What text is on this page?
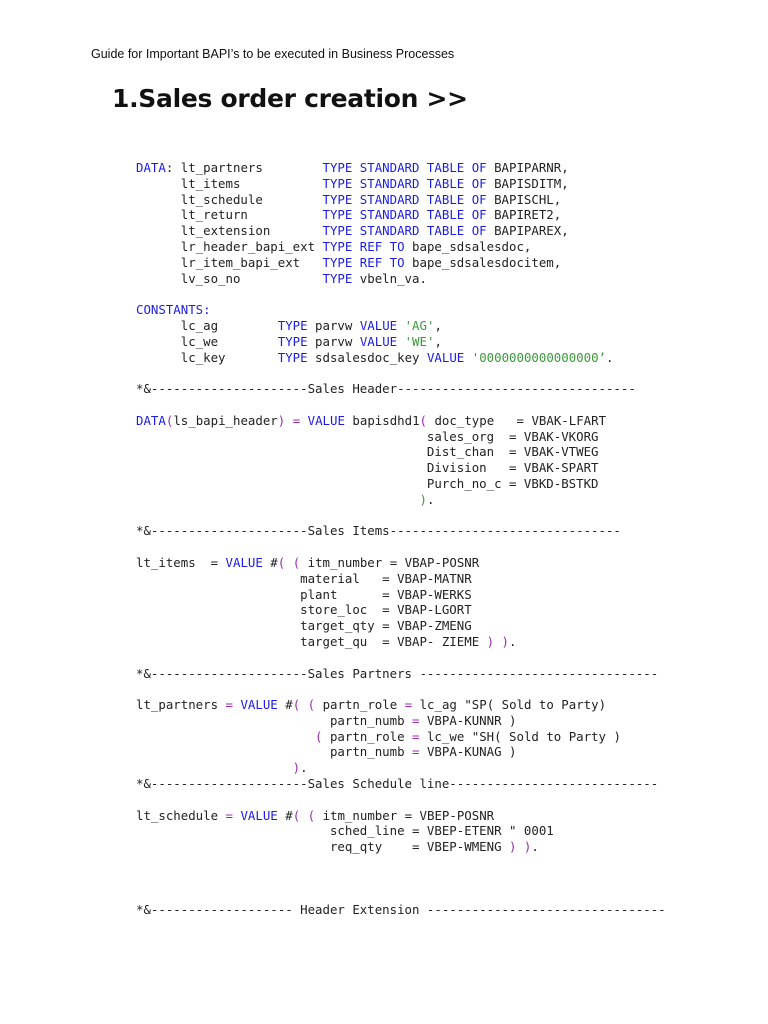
Guide for Important BAPI’s to be executed in Business Processes
1.Sales order creation >>
DATA: lt_partners        TYPE STANDARD TABLE OF BAPIPARNR,
lt_items           TYPE STANDARD TABLE OF BAPISDITM,
lt_schedule        TYPE STANDARD TABLE OF BAPISCHL,
lt_return          TYPE STANDARD TABLE OF BAPIRET2,
lt_extension       TYPE STANDARD TABLE OF BAPIPAREX,
lr_header_bapi_ext TYPE REF TO bape_sdsalesdoc,
lr_item_bapi_ext   TYPE REF TO bape_sdsalesdocitem,
lv_so_no           TYPE vbeln_va.
CONSTANTS:
lc_ag        TYPE parvw VALUE 'AG',
lc_we        TYPE parvw VALUE 'WE',
lc_key       TYPE sdsalesdoc_key VALUE '0000000000000000’.
*&---------------------Sales Header--------------------------------
DATA(ls_bapi_header) = VALUE bapisdhd1( doc_type   = VBAK-LFART
sales_org  = VBAK-VKORG
Dist_chan  = VBAK-VTWEG
Division   = VBAK-SPART
Purch_no_c = VBKD-BSTKD
).
*&---------------------Sales Items-------------------------------
lt_items  = VALUE #( ( itm_number = VBAP-POSNR
material   = VBAP-MATNR
plant      = VBAP-WERKS
store_loc  = VBAP-LGORT
target_qty = VBAP-ZMENG
target_qu  = VBAP- ZIEME ) ).
*&---------------------Sales Partners --------------------------------
lt_partners = VALUE #( ( partn_role = lc_ag "SP( Sold to Party)
partn_numb = VBPA-KUNNR )
( partn_role = lc_we "SH( Sold to Party )
partn_numb = VBPA-KUNAG )
).
*&---------------------Sales Schedule line----------------------------
lt_schedule = VALUE #( ( itm_number = VBEP-POSNR
sched_line = VBEP-ETENR " 0001
req_qty    = VBEP-WMENG ) ).
*&------------------- Header Extension --------------------------------
